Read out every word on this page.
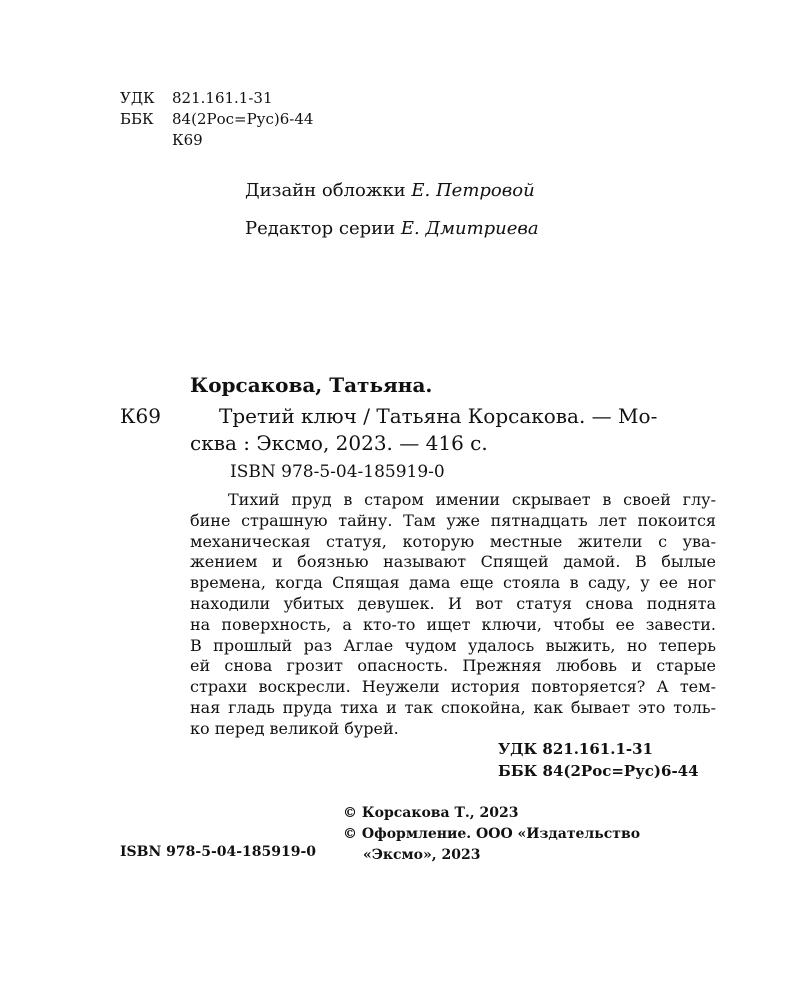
УДК	821.161.1-31
ББК	84(2Рос=Рус)6-44
К69
Дизайн обложки Е. Петровой
Редактор серии Е. Дмитриева
Корсакова, Татьяна.
К69	Третий ключ / Татьяна Корсакова. — Мо-
сква : Эксмо, 2023. — 416 с.
ISBN 978-5-04-185919-0
Тихий пруд в старом имении скрывает в своей глу-
бине страшную тайну. Там уже пятнадцать лет покоится
механическая статуя, которую местные жители с ува-
жением и боязнью называют Спящей дамой. В былые
времена, когда Спящая дама еще стояла в саду, у ее ног
находили убитых девушек. И вот статуя снова поднята
на поверхность, а кто-то ищет ключи, чтобы ее завести.
В прошлый раз Аглае чудом удалось выжить, но теперь
ей снова грозит опасность. Прежняя любовь и старые
страхи воскресли. Неужели история повторяется? А тем-
ная гладь пруда тиха и так спокойна, как бывает это толь-
ко перед великой бурей.
УДК 821.161.1-31
ББК 84(2Рос=Рус)6-44
© Корсакова Т., 2023
© Оформление. ООО «Издательство
«Эксмо», 2023
ISBN 978-5-04-185919-0
